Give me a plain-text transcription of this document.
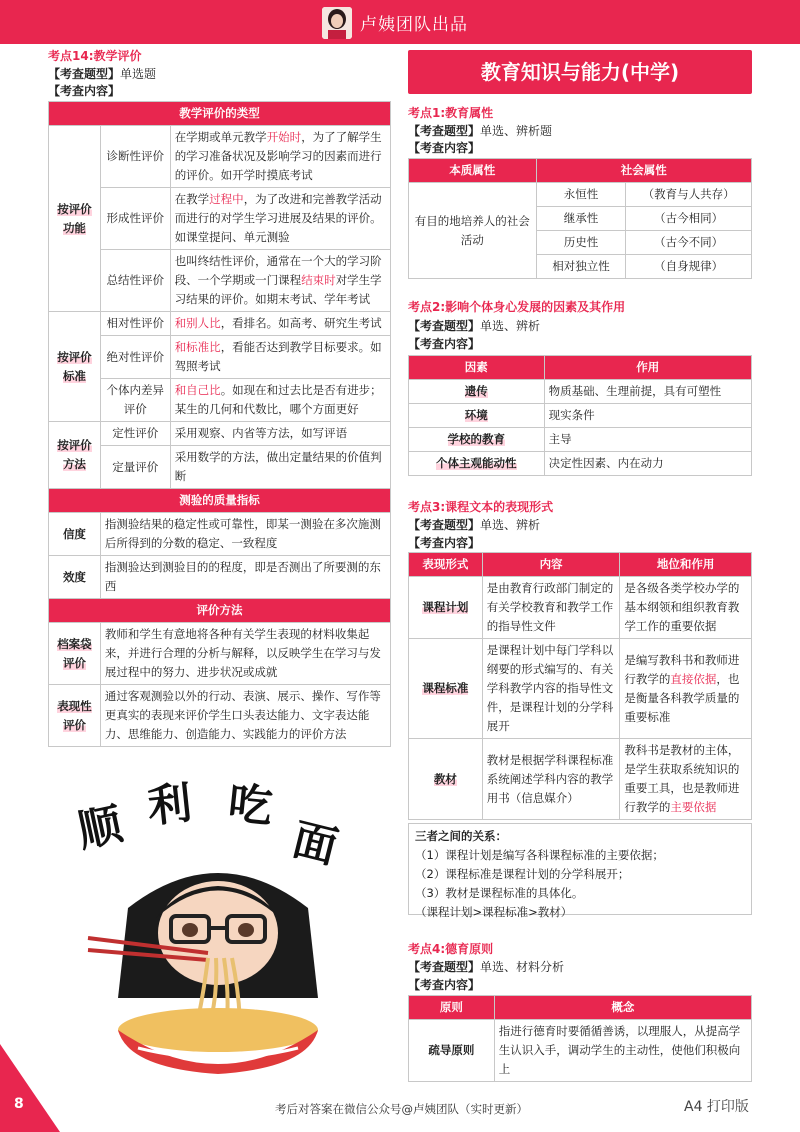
卢姨团队出品
考点14:教学评价
【考查题型】单选题
【考查内容】
教学评价的类型		
按评价功能	诊断性评价	在学期或单元教学开始时，为了了解学生的学习准备状况及影响学习的因素而进行的评价。如开学时摸底考试
	形成性评价	在教学过程中，为了改进和完善教学活动而进行的对学生学习进展及结果的评价。如课堂提问、单元测验
	总结性评价	也叫终结性评价，通常在一个大的学习阶段、一个学期或一门课程结束时对学生学习结果的评价。如期末考试、学年考试
按评价标准	相对性评价	和别人比，看排名。如高考、研究生考试
	绝对性评价	和标准比，看能否达到教学目标要求。如驾照考试
	个体内差异评价	和自己比。如现在和过去比是否有进步；某生的几何和代数比，哪个方面更好
按评价方法	定性评价	采用观察、内省等方法，如写评语
	定量评价	采用数学的方法，做出定量结果的价值判断
测验的质量指标		
信度	指测验结果的稳定性或可靠性，即某一测验在多次施测后所得到的分数的稳定、一致程度	
效度	指测验达到测验目的的程度，即是否测出了所要测的东西	
评价方法		
档案袋评价	教师和学生有意地将各种有关学生表现的材料收集起来，并进行合理的分析与解释，以反映学生在学习与发展过程中的努力、进步状况或成就	
表现性评价	通过客观测验以外的行动、表演、展示、操作、写作等更真实的表现来评价学生口头表达能力、文字表达能力、思维能力、创造能力、实践能力的评价方法	
顺 利 吃
面
教育知识与能力(中学)
考点1:教育属性
【考查题型】单选、辨析题
【考查内容】
本质属性	社会属性	
有目的地培养人的社会活动	永恒性	（教育与人共存）
	继承性	（古今相同）
	历史性	（古今不同）
	相对独立性	（自身规律）
考点2:影响个体身心发展的因素及其作用
【考查题型】单选、辨析
【考查内容】
因素	作用
遗传	物质基础、生理前提，具有可塑性
环境	现实条件
学校的教育	主导
个体主观能动性	决定性因素、内在动力
考点3:课程文本的表现形式
【考查题型】单选、辨析
【考查内容】
表现形式	内容	地位和作用
课程计划	是由教育行政部门制定的有关学校教育和教学工作的指导性文件	是各级各类学校办学的基本纲领和组织教育教学工作的重要依据
课程标准	是课程计划中每门学科以纲要的形式编写的、有关学科教学内容的指导性文件，是课程计划的分学科展开	是编写教科书和教师进行教学的直接依据，也是衡量各科教学质量的重要标准
教材	教材是根据学科课程标准系统阐述学科内容的教学用书（信息媒介）	教科书是教材的主体，是学生获取系统知识的重要工具，也是教师进行教学的主要依据
三者之间的关系：
（1）课程计划是编写各科课程标准的主要依据；
（2）课程标准是课程计划的分学科展开；
（3）教材是课程标准的具体化。
（课程计划>课程标准>教材）
考点4:德育原则
【考查题型】单选、材料分析
【考查内容】
原则	概念
疏导原则	指进行德育时要循循善诱，以理服人，从提高学生认识入手，调动学生的主动性，使他们积极向上
8	考后对答案在微信公众号@卢姨团队（实时更新）	A4 打印版
